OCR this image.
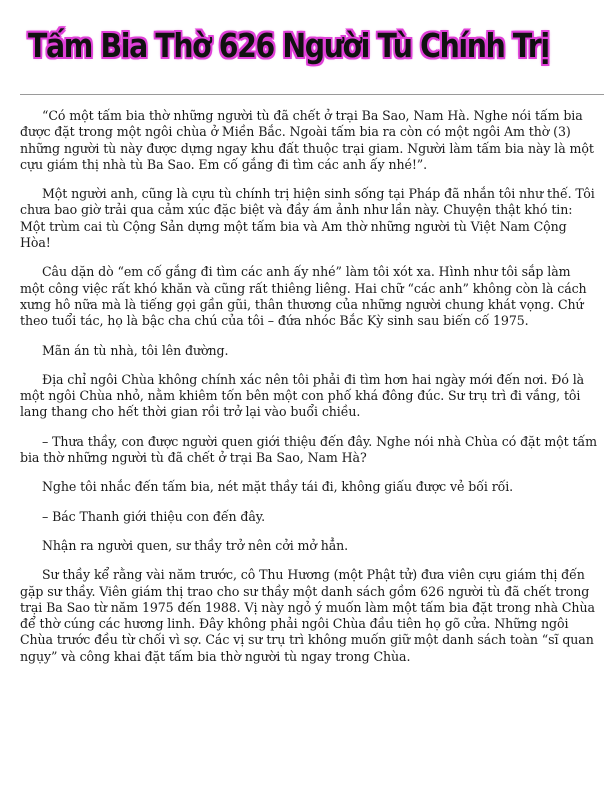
Tấm Bia Thờ 626 Người Tù Chính Trị

“Có một tấm bia thờ những người tù đã chết ở trại Ba Sao, Nam Hà. Nghe nói tấm bia được đặt trong một ngôi chùa ở Miền Bắc. Ngoài tấm bia ra còn có một ngôi Am thờ (3) những người tù này được dựng ngay khu đất thuộc trại giam. Người làm tấm bia này là một cựu giám thị nhà tù Ba Sao. Em cố gắng đi tìm các anh ấy nhé!”.

Một người anh, cũng là cựu tù chính trị hiện sinh sống tại Pháp đã nhắn tôi như thế. Tôi chưa bao giờ trải qua cảm xúc đặc biệt và đầy ám ảnh như lần này. Chuyện thật khó tin: Một trùm cai tù Cộng Sản dựng một tấm bia và Am thờ những người tù Việt Nam Cộng Hòa!

Câu dặn dò “em cố gắng đi tìm các anh ấy nhé” làm tôi xót xa. Hình như tôi sắp làm một công việc rất khó khăn và cũng rất thiêng liêng. Hai chữ “các anh” không còn là cách xưng hô nữa mà là tiếng gọi gần gũi, thân thương của những người chung khát vọng. Chứ theo tuổi tác, họ là bậc cha chú của tôi – đứa nhóc Bắc Kỳ sinh sau biến cố 1975.

Mãn án tù nhà, tôi lên đường.

Địa chỉ ngôi Chùa không chính xác nên tôi phải đi tìm hơn hai ngày mới đến nơi. Đó là một ngôi Chùa nhỏ, nằm khiêm tốn bên một con phố khá đông đúc. Sư trụ trì đi vắng, tôi lang thang cho hết thời gian rồi trở lại vào buổi chiều.

– Thưa thầy, con được người quen giới thiệu đến đây. Nghe nói nhà Chùa có đặt một tấm bia thờ những người tù đã chết ở trại Ba Sao, Nam Hà?

Nghe tôi nhắc đến tấm bia, nét mặt thầy tái đi, không giấu được vẻ bối rối.

– Bác Thanh giới thiệu con đến đây.

Nhận ra người quen, sư thầy trở nên cởi mở hẳn.

Sư thầy kể rằng vài năm trước, cô Thu Hương (một Phật tử) đưa viên cựu giám thị đến gặp sư thầy. Viên giám thị trao cho sư thầy một danh sách gồm 626 người tù đã chết trong trại Ba Sao từ năm 1975 đến 1988. Vị này ngỏ ý muốn làm một tấm bia đặt trong nhà Chùa để thờ cúng các hương linh. Đây không phải ngôi Chùa đầu tiên họ gõ cửa. Những ngôi Chùa trước đều từ chối vì sợ. Các vị sư trụ trì không muốn giữ một danh sách toàn “sĩ quan ngụy” và công khai đặt tấm bia thờ người tù ngay trong Chùa.
